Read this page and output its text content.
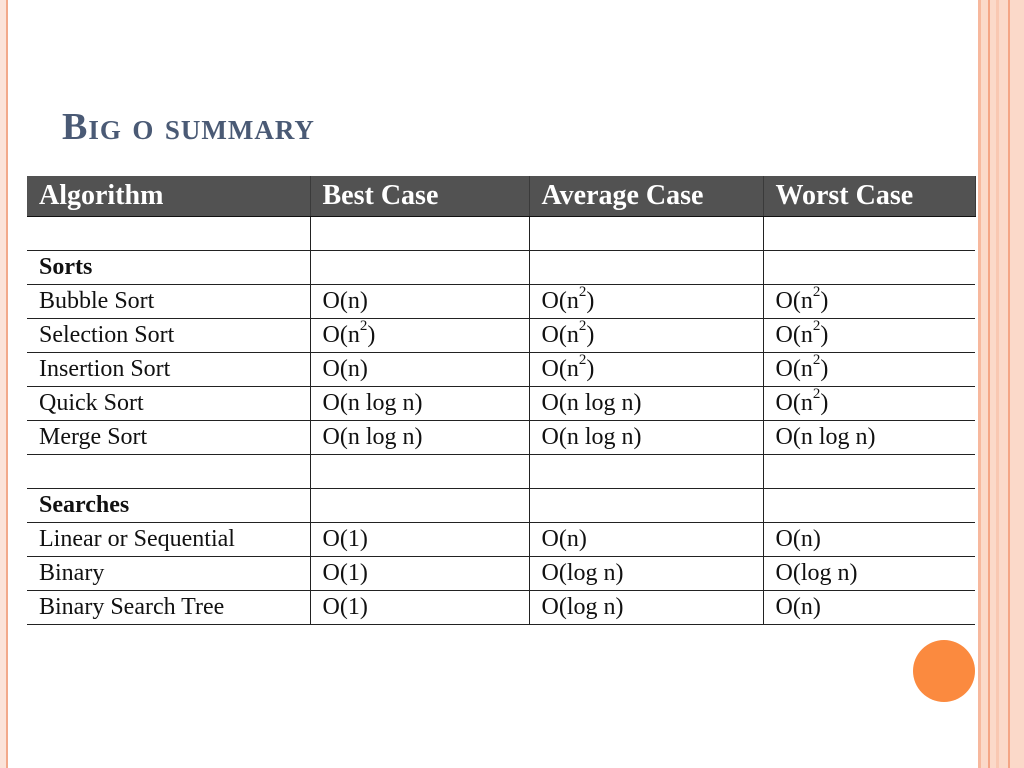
Big o summary
Algorithm	Best Case	Average Case	Worst Case

Sorts			
Bubble Sort	O(n)	$O(n^2)$	$O(n^2)$
Selection Sort	$O(n^2)$	$O(n^2)$	$O(n^2)$
Insertion Sort	O(n)	$O(n^2)$	$O(n^2)$
Quick Sort	O(n log n)	O(n log n)	$O(n^2)$
Merge Sort	O(n log n)	O(n log n)	O(n log n)

Searches			
Linear or Sequential	O(1)	O(n)	O(n)
Binary	O(1)	O(log n)	O(log n)
Binary Search Tree	O(1)	O(log n)	O(n)
